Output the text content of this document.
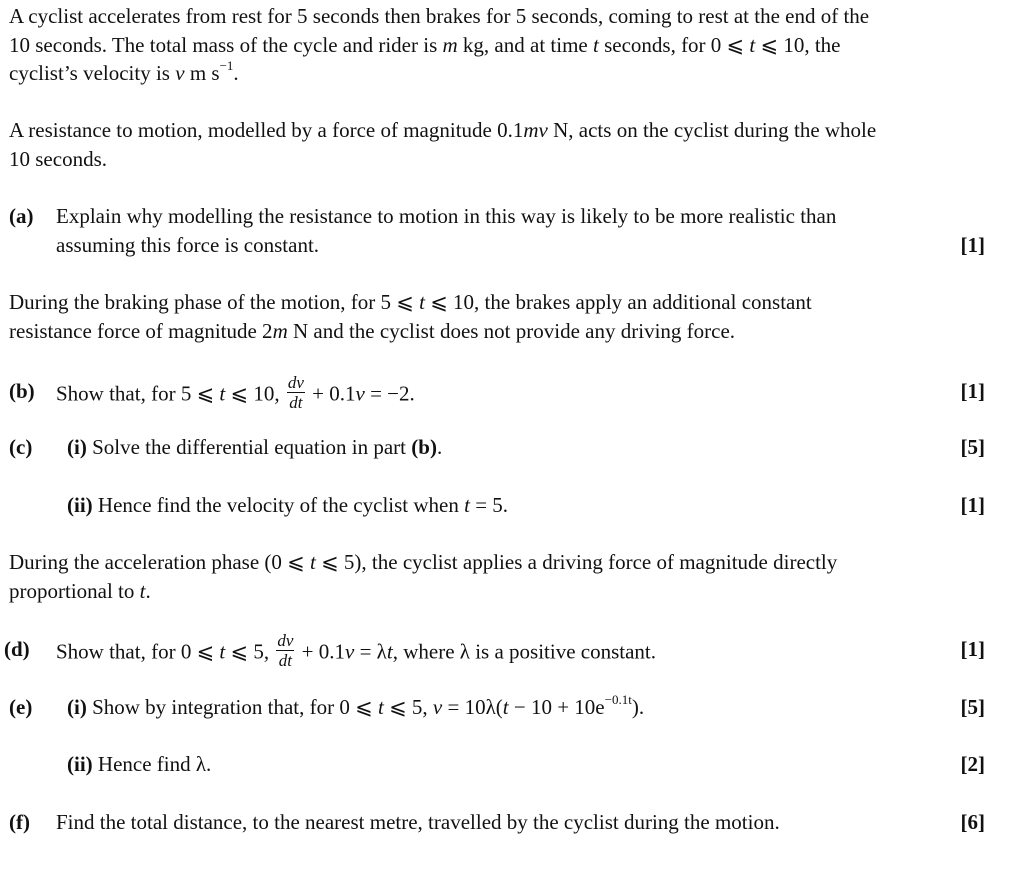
A cyclist accelerates from rest for 5 seconds then brakes for 5 seconds, coming to rest at the end of the
10 seconds. The total mass of the cycle and rider is m kg, and at time t seconds, for 0 ⩽ t ⩽ 10, the
cyclist’s velocity is v m $s^{-1}$.

A resistance to motion, modelled by a force of magnitude 0.1mv N, acts on the cyclist during the whole
10 seconds.

(a) Explain why modelling the resistance to motion in this way is likely to be more realistic than
assuming this force is constant.	[1]

During the braking phase of the motion, for 5 ⩽ t ⩽ 10, the brakes apply an additional constant
resistance force of magnitude 2m N and the cyclist does not provide any driving force.

(b) Show that, for 5 ⩽ t ⩽ 10, $\frac{dv}{dt} + 0.1v = -2$.	[1]
(c) (i) Solve the differential equation in part (b).	[5]
(ii) Hence find the velocity of the cyclist when t = 5.	[1]

During the acceleration phase (0 ⩽ t ⩽ 5), the cyclist applies a driving force of magnitude directly
proportional to t.

(d) Show that, for 0 ⩽ t ⩽ 5, $\frac{dv}{dt} + 0.1v = \lambda t$, where λ is a positive constant.	[1]
(e) (i) Show by integration that, for 0 ⩽ t ⩽ 5, $v = 10\lambda(t - 10 + 10e^{-0.1t})$.	[5]
(ii) Hence find λ.	[2]
(f) Find the total distance, to the nearest metre, travelled by the cyclist during the motion.	[6]
